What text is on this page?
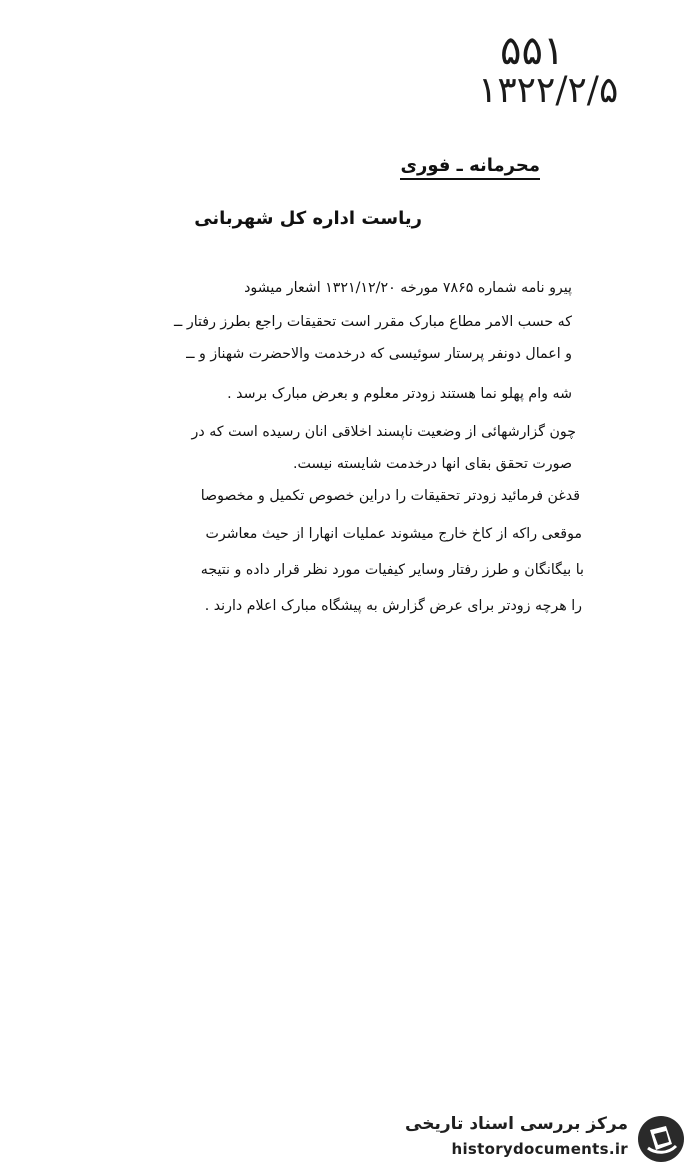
۵۵۱
۱۳۲۲/۲/۵
محرمانه ـ فوری
ریاست اداره کل شهربانی
پیرو نامه شماره ۷۸۶۵ مورخه ۱۳۲۱/۱۲/۲۰ اشعار میشود
که حسب الامر مطاع مبارک مقرر است تحقیقات راجع بطرز رفتار ــ
و اعمال دونفر پرستار سوئیسی که درخدمت والاحضرت شهناز و ــ
شه وام پهلو نما هستند زودتر معلوم و بعرض مبارک برسد .
چون گزارشهائی از وضعیت ناپسند اخلاقی انان رسیده است که در
صورت تحقق بقای انها درخدمت شایسته نیست.
قدغن فرمائید زودتر تحقیقات را دراین خصوص تکمیل و مخصوصا
موقعی راکه از کاخ خارج میشوند عملیات انهارا از حیث معاشرت
با بیگانگان و طرز رفتار وسایر کیفیات مورد نظر قرار داده و نتیجه
را هرچه زودتر برای عرض گزارش به پیشگاه مبارک اعلام دارند .
مرکز بررسی اسناد تاریخی
historydocuments.ir
